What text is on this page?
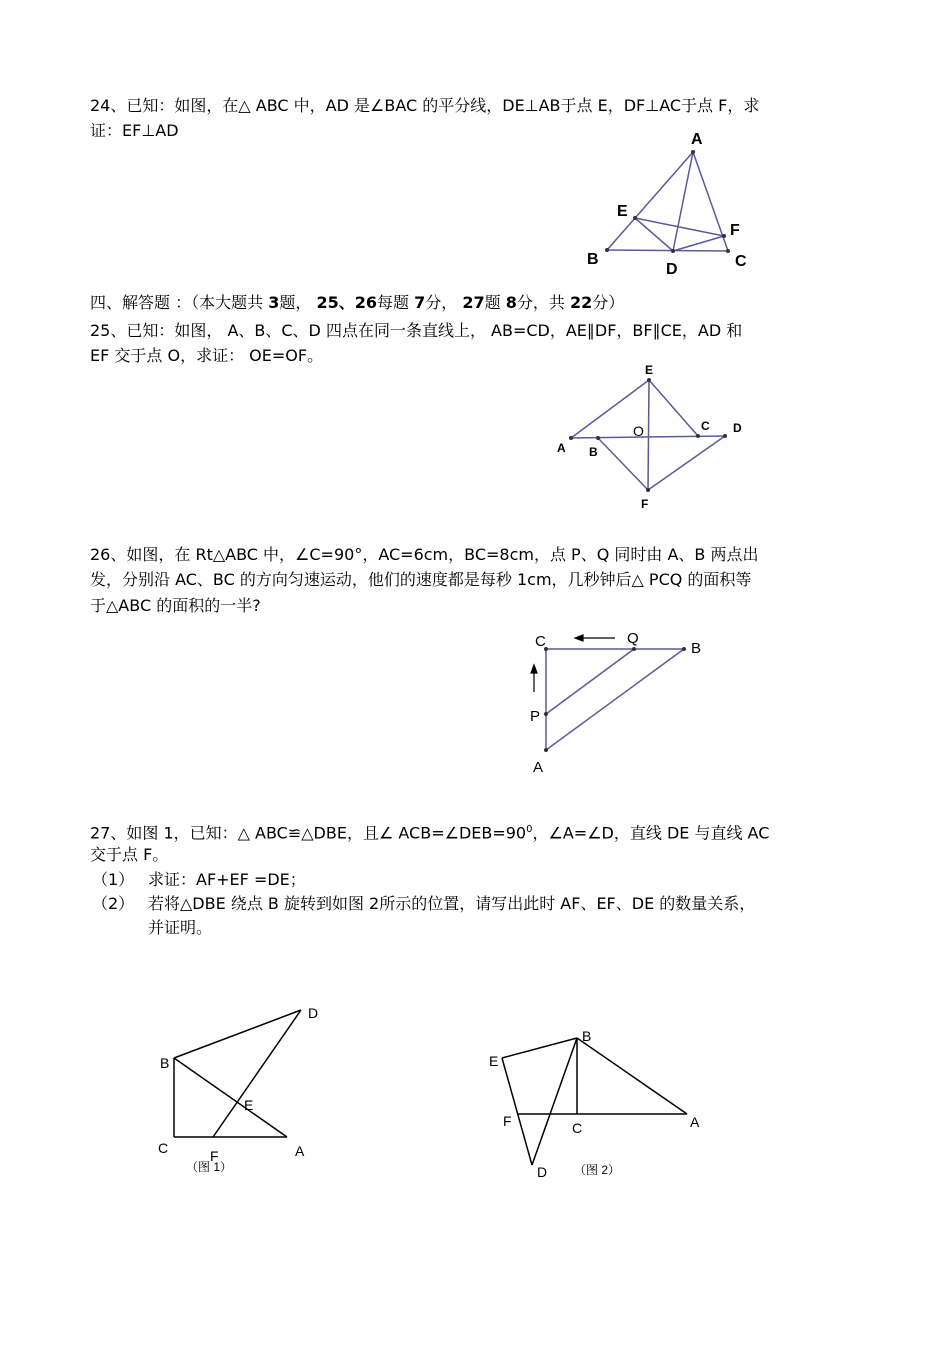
24、已知：如图，在△ ABC 中，AD 是∠BAC 的平分线，DE⊥AB于点 E，DF⊥AC于点 F，求
证：EF⊥AD	A
B	C
D
E
F
四、解答题 ：（本大题共 3题， 25、26每题 7分， 27题 8分，共 22分）
25、已知：如图， A、B、C、D 四点在同一条直线上， AB=CD，AE∥DF，BF∥CE，AD 和
EF 交于点 O，求证： OE=OF。
A B
C D
E
F
O
26、如图，在 Rt△ABC 中，∠C=90°，AC=6cm，BC=8cm，点 P、Q 同时由 A、B 两点出
发，分别沿 AC、BC 的方向匀速运动，他们的速度都是每秒 1cm，几秒钟后△ PCQ 的面积等
于△ABC 的面积的一半?
C	Q
B
P
A
27、如图 1，已知：△ ABC≌△DBE，且∠ $ACB=\angle DEB=90^0$，∠A=∠D，直线 DE 与直线 AC
交于点 F。
（1） 求证：AF+EF =DE；
（2） 若将△DBE 绕点 B 旋转到如图 2所示的位置，请写出此时 AF、EF、DE 的数量关系，
并证明。
D
B
E
C	F	A
（图 1）
B
E
F	C	A
D （图 2）
